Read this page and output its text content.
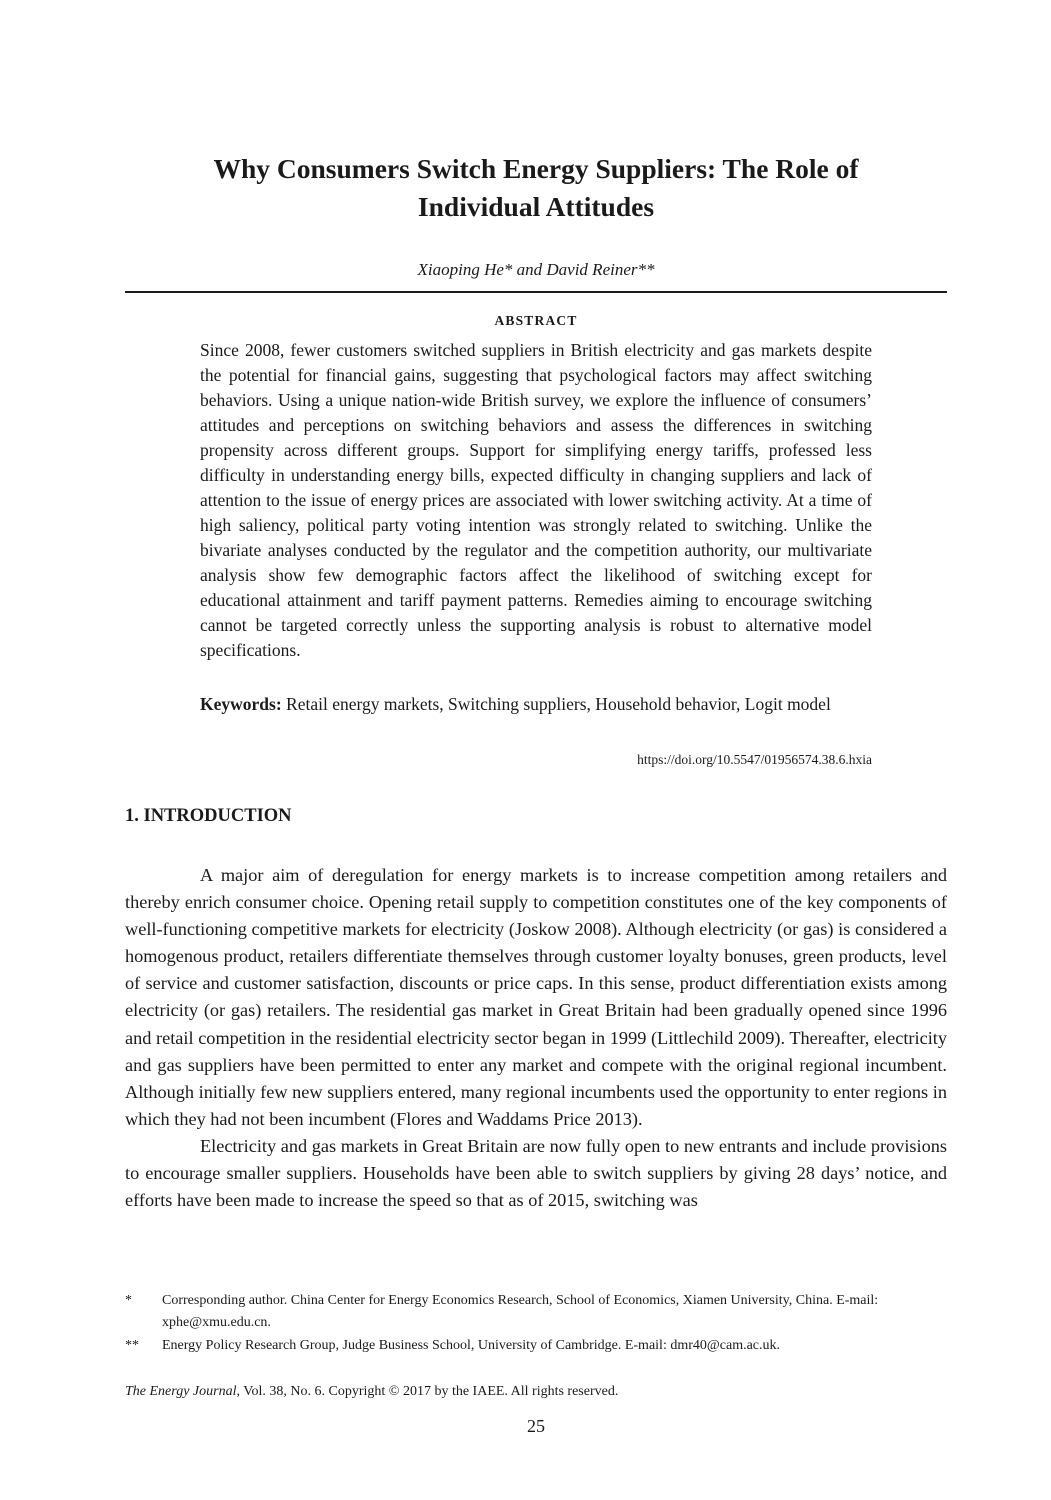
Why Consumers Switch Energy Suppliers: The Role of
Individual Attitudes
Xiaoping He* and David Reiner**
ABSTRACT
Since 2008, fewer customers switched suppliers in British electricity and gas markets despite the potential for financial gains, suggesting that psychological factors may affect switching behaviors. Using a unique nation-wide British survey, we explore the influence of consumers’ attitudes and perceptions on switching behaviors and assess the differences in switching propensity across different groups. Support for simplifying energy tariffs, professed less difficulty in understanding energy bills, expected difficulty in changing suppliers and lack of attention to the issue of energy prices are associated with lower switching activity. At a time of high saliency, political party voting intention was strongly related to switching. Unlike the bivariate analyses conducted by the regulator and the competition authority, our multivariate analysis show few demographic factors affect the likelihood of switching except for educational attainment and tariff payment patterns. Remedies aiming to encourage switching cannot be targeted correctly unless the supporting analysis is robust to alternative model specifications.
Keywords: Retail energy markets, Switching suppliers, Household behavior, Logit model
https://doi.org/10.5547/01956574.38.6.hxia
1. INTRODUCTION

A major aim of deregulation for energy markets is to increase competition among retailers and thereby enrich consumer choice. Opening retail supply to competition constitutes one of the key components of well-functioning competitive markets for electricity (Joskow 2008). Although electricity (or gas) is considered a homogenous product, retailers differentiate themselves through customer loyalty bonuses, green products, level of service and customer satisfaction, discounts or price caps. In this sense, product differentiation exists among electricity (or gas) retailers. The residential gas market in Great Britain had been gradually opened since 1996 and retail competition in the residential electricity sector began in 1999 (Littlechild 2009). Thereafter, electricity and gas suppliers have been permitted to enter any market and compete with the original regional incumbent. Although initially few new suppliers entered, many regional incumbents used the opportunity to enter regions in which they had not been incumbent (Flores and Waddams Price 2013).

Electricity and gas markets in Great Britain are now fully open to new entrants and include provisions to encourage smaller suppliers. Households have been able to switch suppliers by giving 28 days’ notice, and efforts have been made to increase the speed so that as of 2015, switching was

* Corresponding author. China Center for Energy Economics Research, School of Economics, Xiamen University, China. E-mail: xphe@xmu.edu.cn.
** Energy Policy Research Group, Judge Business School, University of Cambridge. E-mail: dmr40@cam.ac.uk.
The Energy Journal, Vol. 38, No. 6. Copyright © 2017 by the IAEE. All rights reserved.
25
